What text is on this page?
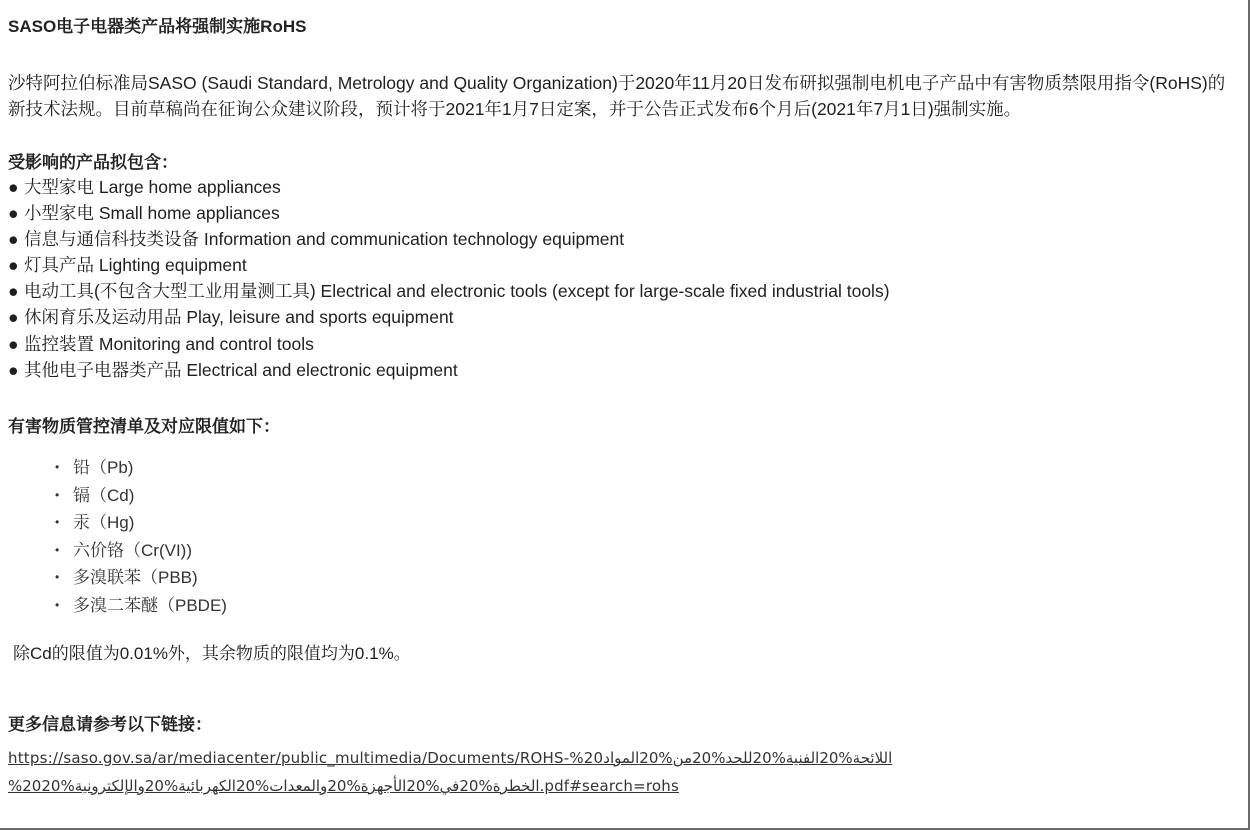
SASO电子电器类产品将强制实施RoHS
沙特阿拉伯标准局SASO (Saudi Standard, Metrology and Quality Organization)于2020年11月20日发布研拟强制电机电子产品中有害物质禁限用指令(RoHS)的新技术法规。目前草稿尚在征询公众建议阶段，预计将于2021年1月7日定案，并于公告正式发布6个月后(2021年7月1日)强制实施。
受影响的产品拟包含：
● 大型家电 Large home appliances
● 小型家电 Small home appliances
● 信息与通信科技类设备 Information and communication technology equipment
● 灯具产品 Lighting equipment
● 电动工具(不包含大型工业用量测工具) Electrical and electronic tools (except for large-scale fixed industrial tools)
● 休闲育乐及运动用品 Play, leisure and sports equipment
● 监控装置 Monitoring and control tools
● 其他电子电器类产品 Electrical and electronic equipment
有害物质管控清单及对应限值如下：
• 铅（Pb)
• 镉（Cd)
• 汞（Hg)
• 六价铬（Cr(VI))
• 多溴联苯（PBB)
• 多溴二苯醚（PBDE)
除Cd的限值为0.01%外，其余物质的限值均为0.1%。
更多信息请参考以下链接：
https://saso.gov.sa/ar/mediacenter/public_multimedia/Documents/ROHS-%20اللائحة%20الفنية%20للحد%20من%20المواد
%20الخطرة%20في%20الأجهزة%20والمعدات%20الكهربائية%20والإلكترونية%20.pdf#search=rohs
